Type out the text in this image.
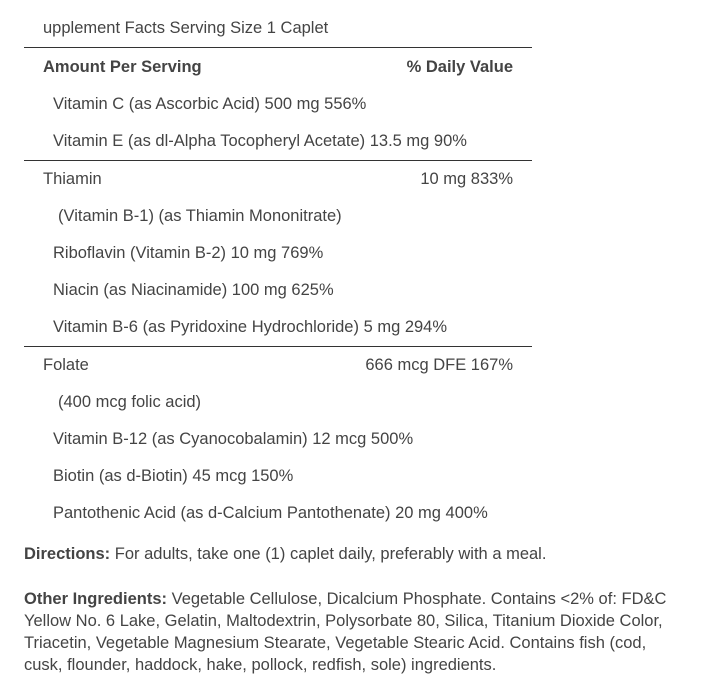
upplement Facts Serving Size 1 Caplet
Amount Per Serving	% Daily Value
Vitamin C (as Ascorbic Acid) 500 mg 556%
Vitamin E (as dl-Alpha Tocopheryl Acetate) 13.5 mg 90%
Thiamin	10 mg 833%
(Vitamin B-1) (as Thiamin Mononitrate)
Riboflavin (Vitamin B-2) 10 mg 769%
Niacin (as Niacinamide) 100 mg 625%
Vitamin B-6 (as Pyridoxine Hydrochloride) 5 mg 294%
Folate	666 mcg DFE 167%
(400 mcg folic acid)
Vitamin B-12 (as Cyanocobalamin) 12 mcg 500%
Biotin (as d-Biotin) 45 mcg 150%
Pantothenic Acid (as d-Calcium Pantothenate) 20 mg 400%
Directions: For adults, take one (1) caplet daily, preferably with a meal.
Other Ingredients: Vegetable Cellulose, Dicalcium Phosphate. Contains <2% of: FD&C Yellow No. 6 Lake, Gelatin, Maltodextrin, Polysorbate 80, Silica, Titanium Dioxide Color, Triacetin, Vegetable Magnesium Stearate, Vegetable Stearic Acid. Contains fish (cod, cusk, flounder, haddock, hake, pollock, redfish, sole) ingredients.
